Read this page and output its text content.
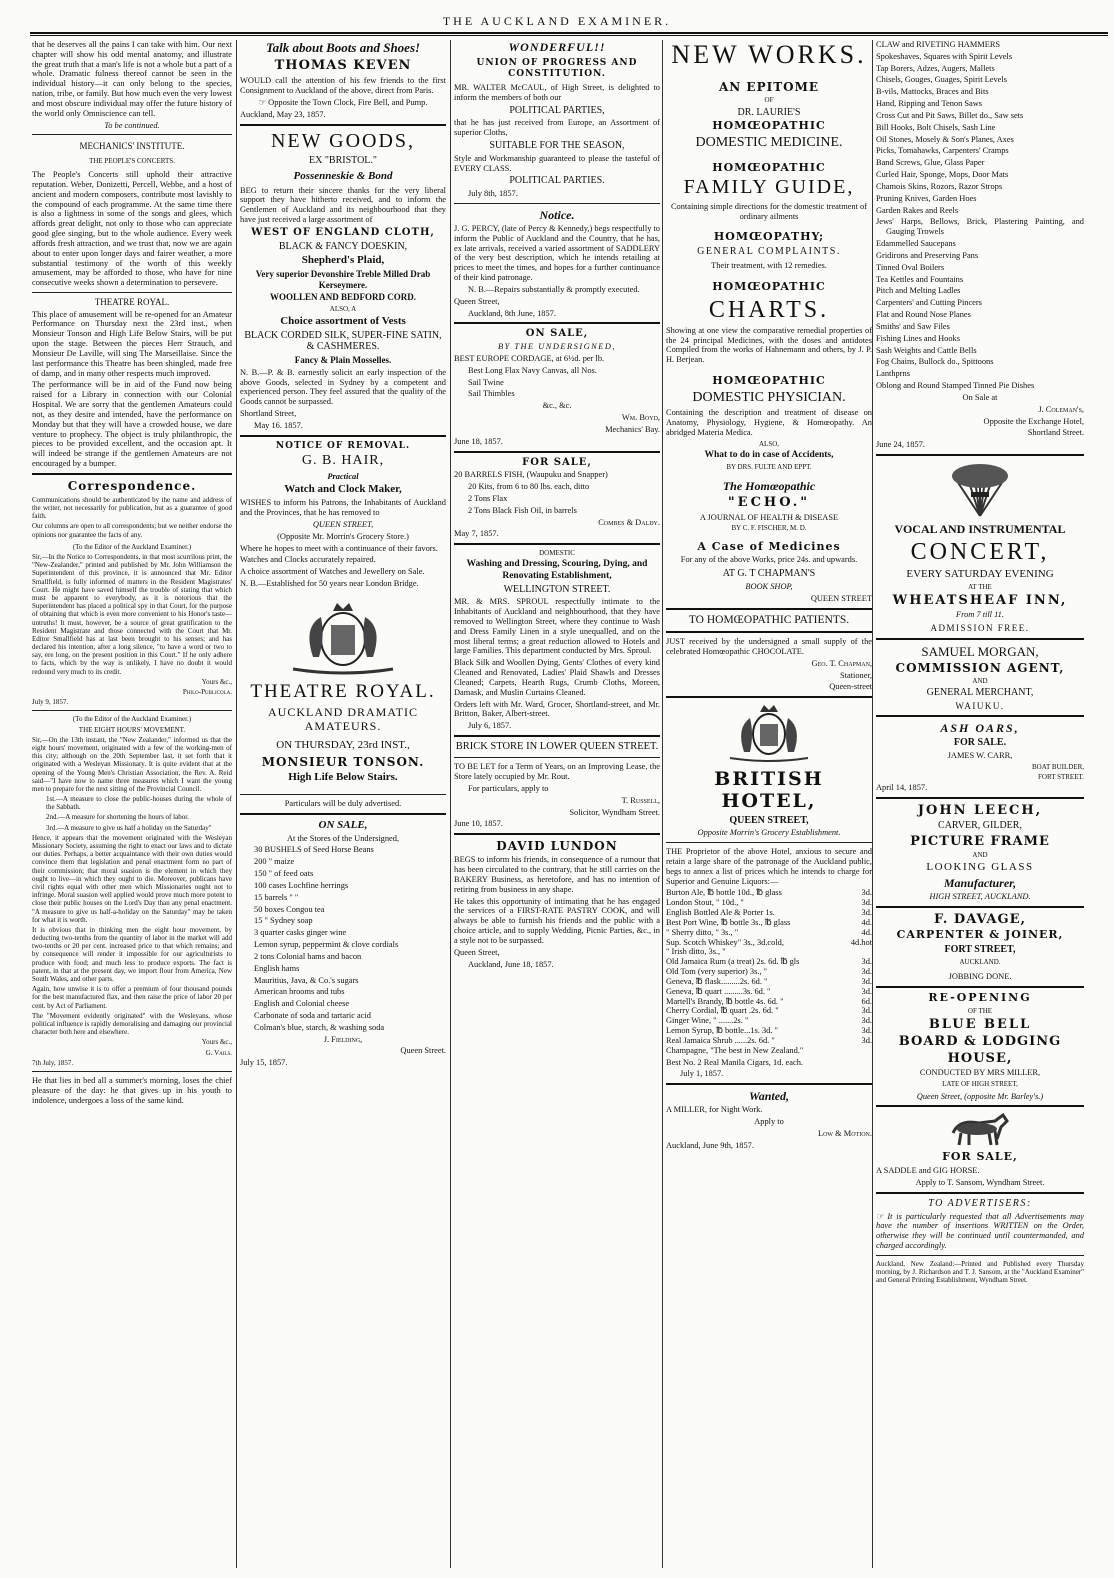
THE AUCKLAND EXAMINER.

that he deserves all the pains I can take with him. Our next chapter will show his odd mental anatomy, and illustrate the great truth that a man's life is not a whole but a part of a whole. Dramatic fulness thereof cannot be seen in the individual history—it can only belong to the species, nation, tribe, or family. But how much even the very lowest and most obscure individual may offer the future history of the world only Omniscience can tell.

To be continued.

MECHANICS' INSTITUTE.

THE PEOPLE'S CONCERTS.

The People's Concerts still uphold their attractive reputation. Weber, Donizetti, Percell, Webbe, and a host of ancient and modern composers, contribute most lavishly to the compound of each programme. At the same time there is also a lightness in some of the songs and glees, which affords great delight, not only to those who can appreciate good glee singing, but to the whole audience. Every week affords fresh attraction, and we trust that, now we are again about to enter upon longer days and fairer weather, a more substantial testimony of the worth of this weekly amusement, may be afforded to those, who have for nine consecutive weeks shown a determination to persevere.

THEATRE ROYAL.

This place of amusement will be re-opened for an Amateur Performance on Thursday next the 23rd inst., when Monsieur Tonson and High Life Below Stairs, will be put upon the stage. Between the pieces Herr Strauch, and Monsieur De Laville, will sing The Marseillaise. Since the last performance this Theatre has been shingled, made free of damp, and in many other respects much improved.

The performance will be in aid of the Fund now being raised for a Library in connection with our Colonial Hospital. We are sorry that the gentlemen Amateurs could not, as they desire and intended, have the performance on Monday but that they will have a crowded house, we dare venture to prophecy. The object is truly philanthropic, the pieces to be provided excellent, and the occasion apt. It will indeed be strange if the gentlemen Amateurs are not encouraged by a bumper.

Correspondence.

Communications should be authenticated by the name and address of the writer, not necessarily for publication, but as a guarantee of good faith.

Our columns are open to all correspondents; but we neither endorse the opinions nor guarantee the facts of any.

(To the Editor of the Auckland Examiner.)

Sir,—In the Notice to Correspondents, in that most scurrilous print, the "New-Zealander," printed and published by Mr. John Williamson the Superintendent of this province, it is announced that Mr. Editor Smallfield, is fully informed of matters in the Resident Magistrates' Court. He might have saved himself the trouble of stating that which must be apparent to everybody, as it is notorious that the Superintendent has placed a political spy in that Court, for the purpose of obtaining that which is even more convenient to his Honor's taste—untruths! It must, however, be a source of great gratification to the Resident Magistrate and those connected with the Court that Mr. Editor Smallfield has at last been brought to his senses; and has declared his intention, after a long silence, "to have a word or two to say, ere long, on the present position in this Court." If he only adhere to facts, which by the way is unlikely, I have no doubt it would redound very much to its credit.

Yours &c.,

Philo-Publicola.

July 9, 1857.

(To the Editor of the Auckland Examiner.)

THE EIGHT HOURS' MOVEMENT.

Sir,—On the 13th instant, the "New Zealander," informed us that the eight hours' movement, originated with a few of the working-men of this city; although on the 20th September last, it set forth that it originated with a Wesleyan Missionary. It is quite evident that at the opening of the Young Men's Christian Association, the Rev. A. Reid said—"I have now to name three measures which I want the young men to prepare for the next sitting of the Provincial Council.

1st.—A measure to close the public-houses during the whole of the Sabbath.

2nd.—A measure for shortening the hours of labor.

3rd.—A measure to give us half a holiday on the Saturday"

Hence, it appears that the movement originated with the Wesleyan Missionary Society, assuming the right to enact our laws and to dictate our duties. Perhaps, a better acquaintance with their own duties would convince them that legislation and penal enactment form no part of their commission; that moral suasion is the element in which they ought to live—in which they ought to die. Moreover, publicans have civil rights equal with other men which Missionaries ought not to infringe. Moral suasion well applied would prove much more potent to close their public houses on the Lord's Day than any penal enactment. "A measure to give us half-a-holiday on the Saturday" may be taken for what it is worth.

It is obvious that in thinking men the eight hour movement, by deducting two-tenths from the quantity of labor in the market will add two-tenths or 20 per cent. increased price to that which remains; and by consequence will render it impossible for our agriculturists to produce with food; and much less to produce exports. The fact is patent, in that at the present day, we import flour from America, New South Wales, and other parts.

Again, how unwise it is to offer a premium of four thousand pounds for the best manufactured flax, and then raise the price of labor 20 per cent. by Act of Parliament.

The "Movement evidently originated" with the Wesleyans, whose political influence is rapidly demoralising and damaging our provincial character both here and elsewhere.

Yours &c.,

G. Vails.

7th July, 1857.

He that lies in bed all a summer's morning, loses the chief pleasure of the day: he that gives up in his youth to indolence, undergoes a loss of the same kind.

Talk about Boots and Shoes!

THOMAS KEVEN

WOULD call the attention of his few friends to the first Consignment to Auckland of the above, direct from Paris.

☞ Opposite the Town Clock, Fire Bell, and Pump.

Auckland, May 23, 1857.

NEW GOODS,

EX "BRISTOL."

Possenneskie & Bond

BEG to return their sincere thanks for the very liberal support they have hitherto received, and to inform the Gentlemen of Auckland and its neighbourhood that they have just received a large assortment of

WEST OF ENGLAND CLOTH,

BLACK & FANCY DOESKIN,

Shepherd's Plaid,

Very superior Devonshire Treble Milled Drab Kerseymere.

WOOLLEN AND BEDFORD CORD.

ALSO, A

Choice assortment of Vests

BLACK CORDED SILK, SUPER-FINE SATIN, & CASHMERES.

Fancy & Plain Mosselles.

N. B.—P. & B. earnestly solicit an early inspection of the above Goods, selected in Sydney by a competent and experienced person. They feel assured that the quality of the Goods cannot be surpassed.

Shortland Street,

May 16. 1857.

NOTICE OF REMOVAL.

G. B. HAIR,

Practical

Watch and Clock Maker,

WISHES to inform his Patrons, the Inhabitants of Auckland and the Provinces, that he has removed to

QUEEN STREET,

(Opposite Mr. Morrin's Grocery Store.)

Where he hopes to meet with a continuance of their favors.

Watches and Clocks accurately repaired.

A choice assortment of Watches and Jewellery on Sale.

N. B.—Established for 50 years near London Bridge.

THEATRE ROYAL.

AUCKLAND DRAMATIC AMATEURS.

ON THURSDAY, 23rd INST.,

MONSIEUR TONSON.

High Life Below Stairs.

Particulars will be duly advertised.

ON SALE,

At the Stores of the Undersigned,

30 BUSHELS of Seed Horse Beans

200 " maize

150 " of feed oats

100 cases Lochfine herrings

15 barrels " "

50 boxes Congou tea

15 " Sydney soap

3 quarter casks ginger wine

Lemon syrup, peppermint & clove cordials

2 tons Colonial hams and bacon

English hams

Mauritius, Java, & Co.'s sugars

American brooms and tubs

English and Colonial cheese

Carbonate of soda and tartaric acid

Colman's blue, starch, & washing soda

J. Fielding,

Queen Street.

July 15, 1857.

WONDERFUL!!

UNION OF PROGRESS AND CONSTITUTION.

MR. WALTER McCAUL, of High Street, is delighted to inform the members of both our

POLITICAL PARTIES,

that he has just received from Europe, an Assortment of superior Cloths,

SUITABLE FOR THE SEASON,

Style and Workmanship guaranteed to please the tasteful of EVERY CLASS.

POLITICAL PARTIES.

July 8th, 1857.

Notice.

J. G. PERCY, (late of Percy & Kennedy,) begs respectfully to inform the Public of Auckland and the Country, that he has, ex late arrivals, received a varied assortment of SADDLERY of the very best description, which he intends retailing at prices to meet the times, and hopes for a further continuance of their kind patronage.

N. B.—Repairs substantially & promptly executed.

Queen Street,

Auckland, 8th June, 1857.

ON SALE,

BY THE UNDERSIGNED,

BEST EUROPE CORDAGE, at 6½d. per lb.

Best Long Flax Navy Canvas, all Nos.

Sail Twine

Sail Thimbles

&c., &c.

Wm. Boyd,

Mechanics' Bay.

June 18, 1857.

FOR SALE,

20 BARRELS FISH, (Waupuku and Snapper)

20 Kits, from 6 to 80 lbs. each, ditto

2 Tons Flax

2 Tons Black Fish Oil, in barrels

Combes & Daldy.

May 7, 1857.

DOMESTIC

Washing and Dressing, Scouring, Dying, and Renovating Establishment,

WELLINGTON STREET.

MR. & MRS. SPROUL respectfully intimate to the Inhabitants of Auckland and neighbourhood, that they have removed to Wellington Street, where they continue to Wash and Dress Family Linen in a style unequalled, and on the most liberal terms; a great reduction allowed to Hotels and large Families. This department conducted by Mrs. Sproul.

Black Silk and Woollen Dying, Gents' Clothes of every kind Cleaned and Renovated, Ladies' Plaid Shawls and Dresses Cleaned; Carpets, Hearth Rugs, Crumb Cloths, Moreen, Damask, and Muslin Curtains Cleaned.

Orders left with Mr. Ward, Grocer, Shortland-street, and Mr. Britton, Baker, Albert-street.

July 6, 1857.

BRICK STORE IN LOWER QUEEN STREET.

TO BE LET for a Term of Years, on an Improving Lease, the Store lately occupied by Mr. Rout.

For particulars, apply to

T. Russell,

Solicitor, Wyndham Street.

June 10, 1857.

DAVID LUNDON

BEGS to inform his friends, in consequence of a rumour that has been circulated to the contrary, that he still carries on the BAKERY Business, as heretofore, and has no intention of retiring from business in any shape.

He takes this opportunity of intimating that he has engaged the services of a FIRST-RATE PASTRY COOK, and will always be able to furnish his friends and the public with a choice article, and to supply Wedding, Picnic Parties, &c., in a style not to be surpassed.

Queen Street,

Auckland, June 18, 1857.

NEW WORKS.

AN EPITOME

OF

DR. LAURIE'S

HOMŒOPATHIC

DOMESTIC MEDICINE.

HOMŒOPATHIC

FAMILY GUIDE,

Containing simple directions for the domestic treatment of ordinary ailments

HOMŒOPATHY;

GENERAL COMPLAINTS.

Their treatment, with 12 remedies.

HOMŒOPATHIC

CHARTS.

Showing at one view the comparative remedial properties of the 24 principal Medicines, with the doses and antidotes Compiled from the works of Hahnemann and others, by J. P. H. Berjean.

HOMŒOPATHIC

DOMESTIC PHYSICIAN.

Containing the description and treatment of disease on Anatomy, Physiology, Hygiene, & Homœopathy. An abridged Materia Medica.

ALSO,

What to do in case of Accidents,

BY DRS. FULTE AND EPPT.

The Homœopathic

"ECHO."

A JOURNAL OF HEALTH & DISEASE

BY C. F. FISCHER, M. D.

A Case of Medicines

For any of the above Works, price 24s. and upwards.

AT G. T CHAPMAN'S

BOOK SHOP,

QUEEN STREET

TO HOMŒOPATHIC PATIENTS.

JUST received by the undersigned a small supply of the celebrated Homœopathic CHOCOLATE.

Geo. T. Chapman,

Stationer,

Queen-street

BRITISH HOTEL,

QUEEN STREET,

Opposite Morrin's Grocery Establishment.

THE Proprietor of the above Hotel, anxious to secure and retain a large share of the patronage of the Auckland public, begs to annex a list of prices which he intends to charge for Superior and Genuine Liquors:—

Burton Ale, ℔ bottle 10d., ℔ glass	3d.
London Stout, " 10d., "	3d.
English Bottled Ale & Porter 1s.	3d.
Best Port Wine, ℔ bottle 3s., ℔ glass	4d.
" Sherry ditto, " 3s., "	4d.
Sup. Scotch Whiskey" 3s., 3d.cold,	4d.hot
" Irish ditto, 3s., "
Old Jamaica Rum (a treat) 2s. 6d. ℔ gls	3d.
Old Tom (very superior) 3s., "	3d.
Geneva, ℔ flask.........2s. 6d. "	3d.
Geneva, ℔ quart .........3s. 6d. "	3d.
Martell's Brandy, ℔ bottle 4s. 6d. "	6d.
Cherry Cordial, ℔ quart .2s. 6d. "	3d.
Ginger Wine, " .......2s. "	3d.
Lemon Syrup, ℔ bottle...1s. 3d. "	3d.
Real Jamaica Shrub ......2s. 6d. "	3d.

Champagne, "The best in New Zealand."

Best No. 2 Real Manila Cigars, 1d. each.

July 1, 1857.

Wanted,

A MILLER, for Night Work.

Apply to

Low & Motion.

Auckland, June 9th, 1857.

CLAW and RIVETING HAMMERS

Spokeshaves, Squares with Spirit Levels

Tap Borers, Adzes, Augers, Mallets

Chisels, Gouges, Guages, Spirit Levels

B-vils, Mattocks, Braces and Bits

Hand, Ripping and Tenon Saws

Cross Cut and Pit Saws, Billet do., Saw sets

Bill Hooks, Bolt Chisels, Sash Line

Oil Stones, Mosely & Son's Planes, Axes

Picks, Tomahawks, Carpenters' Cramps

Band Screws, Glue, Glass Paper

Curled Hair, Sponge, Mops, Door Mats

Chamois Skins, Rozors, Razor Strops

Pruning Knives, Garden Hoes

Garden Rakes and Reels

Jews' Harps, Bellows, Brick, Plastering Painting, and Gauging Trowels

Edammelled Saucepans

Gridirons and Preserving Pans

Tinned Oval Boilers

Tea Kettles and Fountains

Pitch and Melting Ladles

Carpenters' and Cutting Pincers

Flat and Round Nose Planes

Smiths' and Saw Files

Fishing Lines and Hooks

Sash Weights and Cattle Bells

Fog Chains, Bullock do., Spittoons

Lanthprns

Oblong and Round Stamped Tinned Pie Dishes

On Sale at

J. Coleman's,

Opposite the Exchange Hotel,

Shortland Street.

June 24, 1857.

VOCAL AND INSTRUMENTAL

CONCERT,

EVERY SATURDAY EVENING

AT THE

WHEATSHEAF INN,

From 7 till 11.

ADMISSION FREE.

SAMUEL MORGAN,

COMMISSION AGENT,

AND

GENERAL MERCHANT,

WAIUKU.

ASH OARS,

FOR SALE.

JAMES W. CARR,

BOAT BUILDER,

FORT STREET.

April 14, 1857.

JOHN LEECH,

CARVER, GILDER,

PICTURE FRAME

AND

LOOKING GLASS

Manufacturer,

HIGH STREET, AUCKLAND.

F. DAVAGE,

CARPENTER & JOINER,

FORT STREET,

AUCKLAND.

JOBBING DONE.

RE-OPENING

OF THE

BLUE BELL

BOARD & LODGING

HOUSE,

CONDUCTED BY MRS MILLER,

LATE OF HIGH STREET,

Queen Street, (opposite Mr. Barley's.)

FOR SALE,

A SADDLE and GIG HORSE.

Apply to T. Sansom, Wyndham Street.

TO ADVERTISERS:

☞ It is particularly requested that all Advertisements may have the number of insertions WRITTEN on the Order, otherwise they will be continued until countermanded, and charged accordingly.

Auckland, New Zealand:—Printed and Published every Thursday morning, by J. Richardson and T. J. Sansom, at the "Auckland Examiner" and General Printing Establishment, Wyndham Street.
